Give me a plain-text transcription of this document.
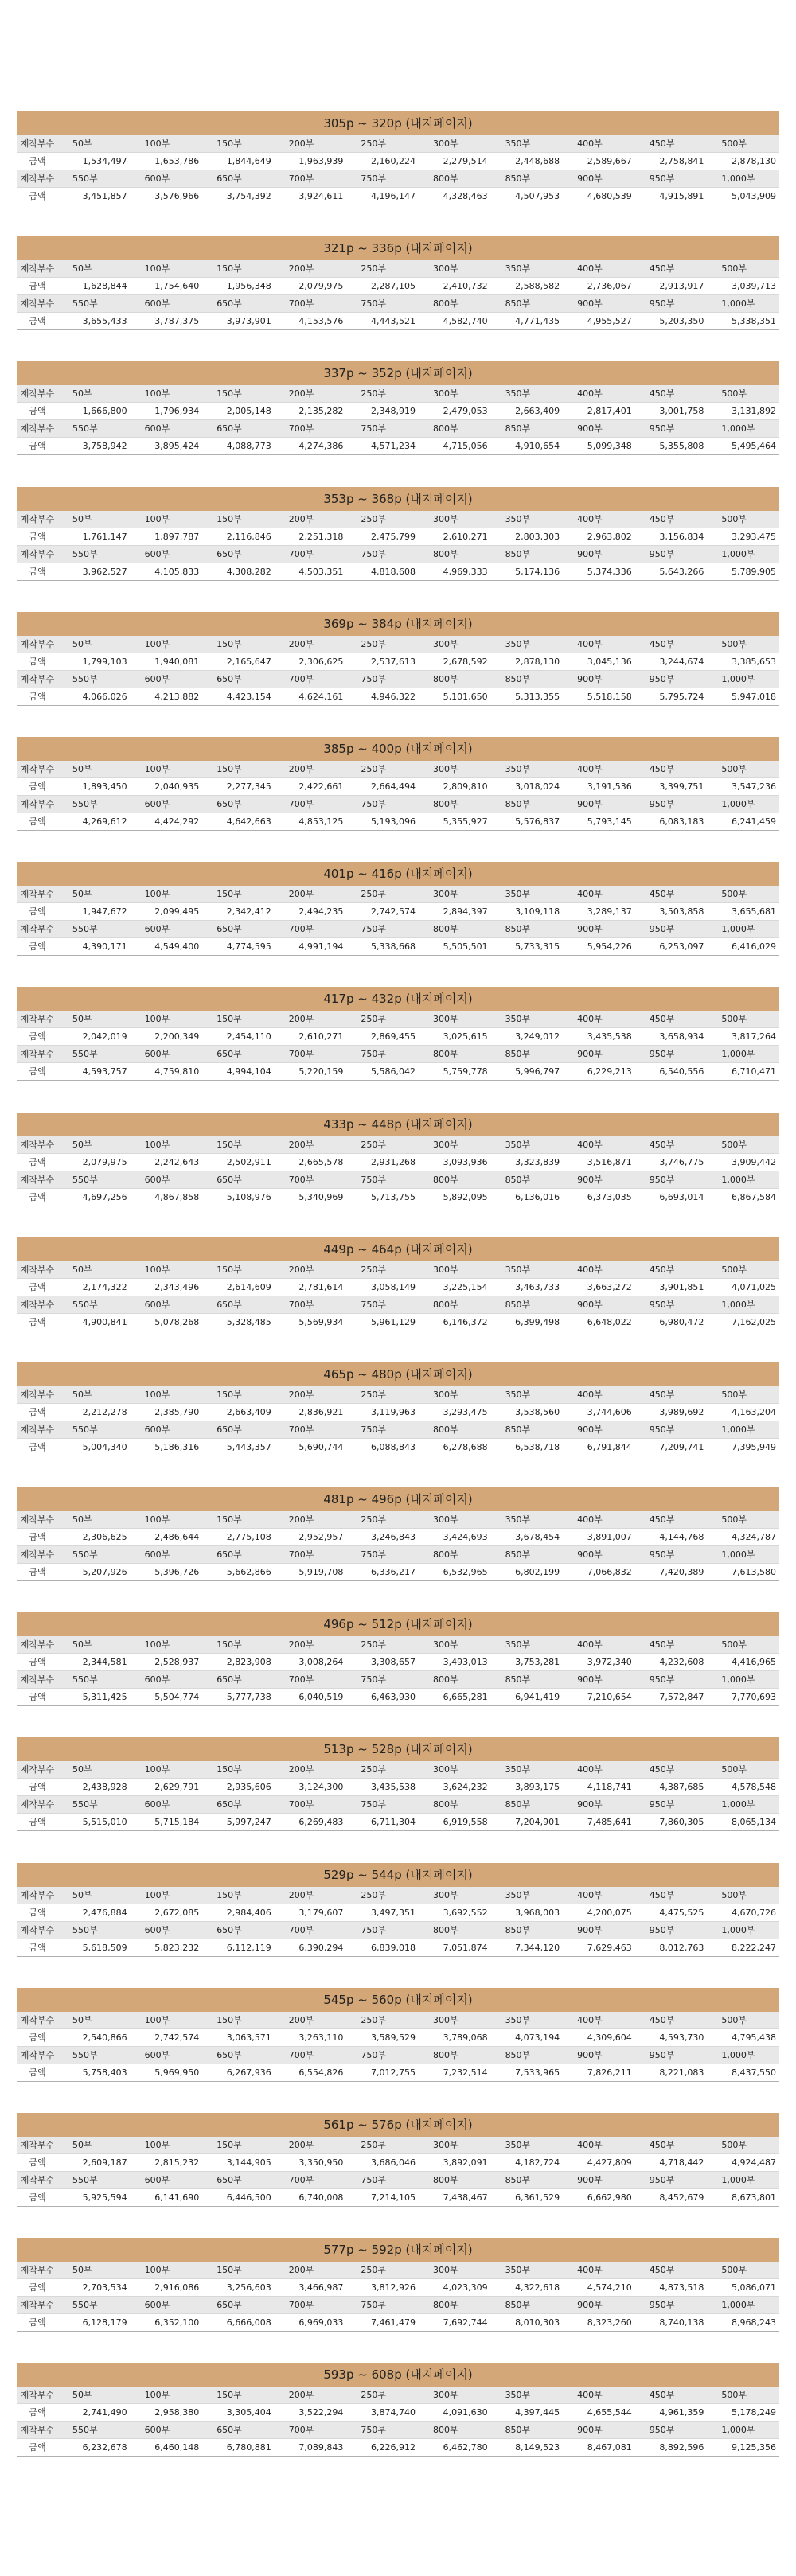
305p ~ 320p (내지페이지)
제작부수	50부	100부	150부	200부	250부	300부	350부	400부	450부	500부
금액	1,534,497	1,653,786	1,844,649	1,963,939	2,160,224	2,279,514	2,448,688	2,589,667	2,758,841	2,878,130
제작부수	550부	600부	650부	700부	750부	800부	850부	900부	950부	1,000부
금액	3,451,857	3,576,966	3,754,392	3,924,611	4,196,147	4,328,463	4,507,953	4,680,539	4,915,891	5,043,909
321p ~ 336p (내지페이지)
제작부수	50부	100부	150부	200부	250부	300부	350부	400부	450부	500부
금액	1,628,844	1,754,640	1,956,348	2,079,975	2,287,105	2,410,732	2,588,582	2,736,067	2,913,917	3,039,713
제작부수	550부	600부	650부	700부	750부	800부	850부	900부	950부	1,000부
금액	3,655,433	3,787,375	3,973,901	4,153,576	4,443,521	4,582,740	4,771,435	4,955,527	5,203,350	5,338,351
337p ~ 352p (내지페이지)
제작부수	50부	100부	150부	200부	250부	300부	350부	400부	450부	500부
금액	1,666,800	1,796,934	2,005,148	2,135,282	2,348,919	2,479,053	2,663,409	2,817,401	3,001,758	3,131,892
제작부수	550부	600부	650부	700부	750부	800부	850부	900부	950부	1,000부
금액	3,758,942	3,895,424	4,088,773	4,274,386	4,571,234	4,715,056	4,910,654	5,099,348	5,355,808	5,495,464
353p ~ 368p (내지페이지)
제작부수	50부	100부	150부	200부	250부	300부	350부	400부	450부	500부
금액	1,761,147	1,897,787	2,116,846	2,251,318	2,475,799	2,610,271	2,803,303	2,963,802	3,156,834	3,293,475
제작부수	550부	600부	650부	700부	750부	800부	850부	900부	950부	1,000부
금액	3,962,527	4,105,833	4,308,282	4,503,351	4,818,608	4,969,333	5,174,136	5,374,336	5,643,266	5,789,905
369p ~ 384p (내지페이지)
제작부수	50부	100부	150부	200부	250부	300부	350부	400부	450부	500부
금액	1,799,103	1,940,081	2,165,647	2,306,625	2,537,613	2,678,592	2,878,130	3,045,136	3,244,674	3,385,653
제작부수	550부	600부	650부	700부	750부	800부	850부	900부	950부	1,000부
금액	4,066,026	4,213,882	4,423,154	4,624,161	4,946,322	5,101,650	5,313,355	5,518,158	5,795,724	5,947,018
385p ~ 400p (내지페이지)
제작부수	50부	100부	150부	200부	250부	300부	350부	400부	450부	500부
금액	1,893,450	2,040,935	2,277,345	2,422,661	2,664,494	2,809,810	3,018,024	3,191,536	3,399,751	3,547,236
제작부수	550부	600부	650부	700부	750부	800부	850부	900부	950부	1,000부
금액	4,269,612	4,424,292	4,642,663	4,853,125	5,193,096	5,355,927	5,576,837	5,793,145	6,083,183	6,241,459
401p ~ 416p (내지페이지)
제작부수	50부	100부	150부	200부	250부	300부	350부	400부	450부	500부
금액	1,947,672	2,099,495	2,342,412	2,494,235	2,742,574	2,894,397	3,109,118	3,289,137	3,503,858	3,655,681
제작부수	550부	600부	650부	700부	750부	800부	850부	900부	950부	1,000부
금액	4,390,171	4,549,400	4,774,595	4,991,194	5,338,668	5,505,501	5,733,315	5,954,226	6,253,097	6,416,029
417p ~ 432p (내지페이지)
제작부수	50부	100부	150부	200부	250부	300부	350부	400부	450부	500부
금액	2,042,019	2,200,349	2,454,110	2,610,271	2,869,455	3,025,615	3,249,012	3,435,538	3,658,934	3,817,264
제작부수	550부	600부	650부	700부	750부	800부	850부	900부	950부	1,000부
금액	4,593,757	4,759,810	4,994,104	5,220,159	5,586,042	5,759,778	5,996,797	6,229,213	6,540,556	6,710,471
433p ~ 448p (내지페이지)
제작부수	50부	100부	150부	200부	250부	300부	350부	400부	450부	500부
금액	2,079,975	2,242,643	2,502,911	2,665,578	2,931,268	3,093,936	3,323,839	3,516,871	3,746,775	3,909,442
제작부수	550부	600부	650부	700부	750부	800부	850부	900부	950부	1,000부
금액	4,697,256	4,867,858	5,108,976	5,340,969	5,713,755	5,892,095	6,136,016	6,373,035	6,693,014	6,867,584
449p ~ 464p (내지페이지)
제작부수	50부	100부	150부	200부	250부	300부	350부	400부	450부	500부
금액	2,174,322	2,343,496	2,614,609	2,781,614	3,058,149	3,225,154	3,463,733	3,663,272	3,901,851	4,071,025
제작부수	550부	600부	650부	700부	750부	800부	850부	900부	950부	1,000부
금액	4,900,841	5,078,268	5,328,485	5,569,934	5,961,129	6,146,372	6,399,498	6,648,022	6,980,472	7,162,025
465p ~ 480p (내지페이지)
제작부수	50부	100부	150부	200부	250부	300부	350부	400부	450부	500부
금액	2,212,278	2,385,790	2,663,409	2,836,921	3,119,963	3,293,475	3,538,560	3,744,606	3,989,692	4,163,204
제작부수	550부	600부	650부	700부	750부	800부	850부	900부	950부	1,000부
금액	5,004,340	5,186,316	5,443,357	5,690,744	6,088,843	6,278,688	6,538,718	6,791,844	7,209,741	7,395,949
481p ~ 496p (내지페이지)
제작부수	50부	100부	150부	200부	250부	300부	350부	400부	450부	500부
금액	2,306,625	2,486,644	2,775,108	2,952,957	3,246,843	3,424,693	3,678,454	3,891,007	4,144,768	4,324,787
제작부수	550부	600부	650부	700부	750부	800부	850부	900부	950부	1,000부
금액	5,207,926	5,396,726	5,662,866	5,919,708	6,336,217	6,532,965	6,802,199	7,066,832	7,420,389	7,613,580
496p ~ 512p (내지페이지)
제작부수	50부	100부	150부	200부	250부	300부	350부	400부	450부	500부
금액	2,344,581	2,528,937	2,823,908	3,008,264	3,308,657	3,493,013	3,753,281	3,972,340	4,232,608	4,416,965
제작부수	550부	600부	650부	700부	750부	800부	850부	900부	950부	1,000부
금액	5,311,425	5,504,774	5,777,738	6,040,519	6,463,930	6,665,281	6,941,419	7,210,654	7,572,847	7,770,693
513p ~ 528p (내지페이지)
제작부수	50부	100부	150부	200부	250부	300부	350부	400부	450부	500부
금액	2,438,928	2,629,791	2,935,606	3,124,300	3,435,538	3,624,232	3,893,175	4,118,741	4,387,685	4,578,548
제작부수	550부	600부	650부	700부	750부	800부	850부	900부	950부	1,000부
금액	5,515,010	5,715,184	5,997,247	6,269,483	6,711,304	6,919,558	7,204,901	7,485,641	7,860,305	8,065,134
529p ~ 544p (내지페이지)
제작부수	50부	100부	150부	200부	250부	300부	350부	400부	450부	500부
금액	2,476,884	2,672,085	2,984,406	3,179,607	3,497,351	3,692,552	3,968,003	4,200,075	4,475,525	4,670,726
제작부수	550부	600부	650부	700부	750부	800부	850부	900부	950부	1,000부
금액	5,618,509	5,823,232	6,112,119	6,390,294	6,839,018	7,051,874	7,344,120	7,629,463	8,012,763	8,222,247
545p ~ 560p (내지페이지)
제작부수	50부	100부	150부	200부	250부	300부	350부	400부	450부	500부
금액	2,540,866	2,742,574	3,063,571	3,263,110	3,589,529	3,789,068	4,073,194	4,309,604	4,593,730	4,795,438
제작부수	550부	600부	650부	700부	750부	800부	850부	900부	950부	1,000부
금액	5,758,403	5,969,950	6,267,936	6,554,826	7,012,755	7,232,514	7,533,965	7,826,211	8,221,083	8,437,550
561p ~ 576p (내지페이지)
제작부수	50부	100부	150부	200부	250부	300부	350부	400부	450부	500부
금액	2,609,187	2,815,232	3,144,905	3,350,950	3,686,046	3,892,091	4,182,724	4,427,809	4,718,442	4,924,487
제작부수	550부	600부	650부	700부	750부	800부	850부	900부	950부	1,000부
금액	5,925,594	6,141,690	6,446,500	6,740,008	7,214,105	7,438,467	6,361,529	6,662,980	8,452,679	8,673,801
577p ~ 592p (내지페이지)
제작부수	50부	100부	150부	200부	250부	300부	350부	400부	450부	500부
금액	2,703,534	2,916,086	3,256,603	3,466,987	3,812,926	4,023,309	4,322,618	4,574,210	4,873,518	5,086,071
제작부수	550부	600부	650부	700부	750부	800부	850부	900부	950부	1,000부
금액	6,128,179	6,352,100	6,666,008	6,969,033	7,461,479	7,692,744	8,010,303	8,323,260	8,740,138	8,968,243
593p ~ 608p (내지페이지)
제작부수	50부	100부	150부	200부	250부	300부	350부	400부	450부	500부
금액	2,741,490	2,958,380	3,305,404	3,522,294	3,874,740	4,091,630	4,397,445	4,655,544	4,961,359	5,178,249
제작부수	550부	600부	650부	700부	750부	800부	850부	900부	950부	1,000부
금액	6,232,678	6,460,148	6,780,881	7,089,843	6,226,912	6,462,780	8,149,523	8,467,081	8,892,596	9,125,356
